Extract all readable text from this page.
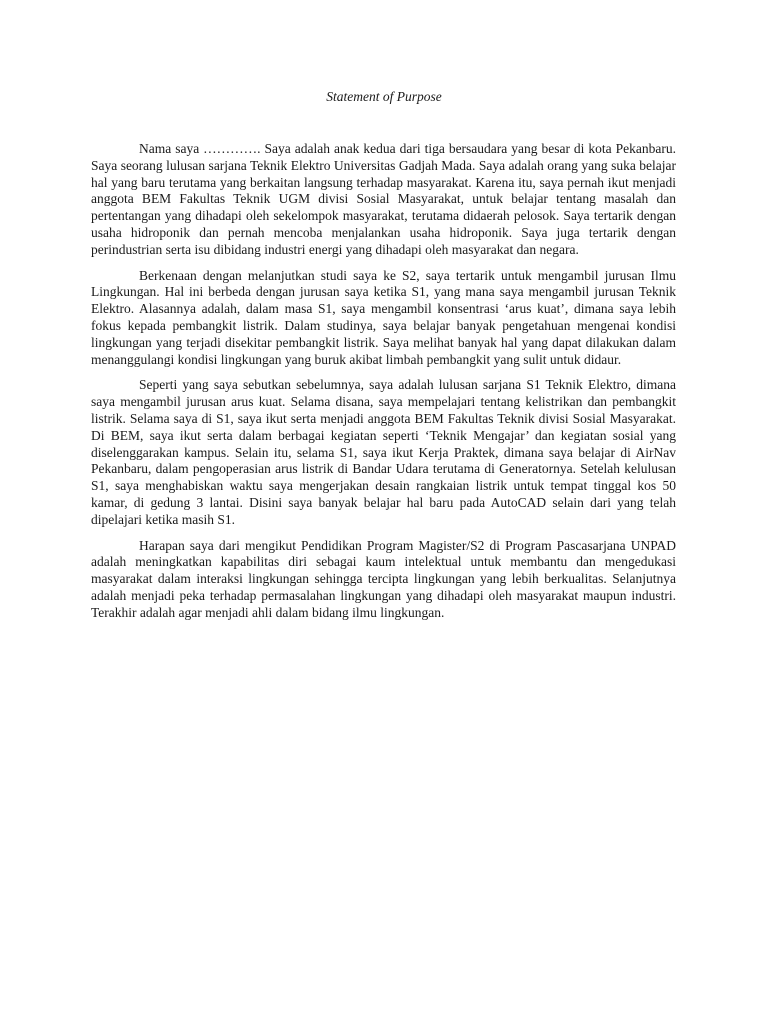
Statement of Purpose

Nama saya …………. Saya adalah anak kedua dari tiga bersaudara yang besar di kota Pekanbaru. Saya seorang lulusan sarjana Teknik Elektro Universitas Gadjah Mada. Saya adalah orang yang suka belajar hal yang baru terutama yang berkaitan langsung terhadap masyarakat. Karena itu, saya pernah ikut menjadi anggota BEM Fakultas Teknik UGM divisi Sosial Masyarakat, untuk belajar tentang masalah dan pertentangan yang dihadapi oleh sekelompok masyarakat, terutama didaerah pelosok. Saya tertarik dengan usaha hidroponik dan pernah mencoba menjalankan usaha hidroponik. Saya juga tertarik dengan perindustrian serta isu dibidang industri energi yang dihadapi oleh masyarakat dan negara.

Berkenaan dengan melanjutkan studi saya ke S2, saya tertarik untuk mengambil jurusan Ilmu Lingkungan. Hal ini berbeda dengan jurusan saya ketika S1, yang mana saya mengambil jurusan Teknik Elektro. Alasannya adalah, dalam masa S1, saya mengambil konsentrasi ‘arus kuat’, dimana saya lebih fokus kepada pembangkit listrik. Dalam studinya, saya belajar banyak pengetahuan mengenai kondisi lingkungan yang terjadi disekitar pembangkit listrik. Saya melihat banyak hal yang dapat dilakukan dalam menanggulangi kondisi lingkungan yang buruk akibat limbah pembangkit yang sulit untuk didaur.

Seperti yang saya sebutkan sebelumnya, saya adalah lulusan sarjana S1 Teknik Elektro, dimana saya mengambil jurusan arus kuat. Selama disana, saya mempelajari tentang kelistrikan dan pembangkit listrik. Selama saya di S1, saya ikut serta menjadi anggota BEM Fakultas Teknik divisi Sosial Masyarakat. Di BEM, saya ikut serta dalam berbagai kegiatan seperti ‘Teknik Mengajar’ dan kegiatan sosial yang diselenggarakan kampus. Selain itu, selama S1, saya ikut Kerja Praktek, dimana saya belajar di AirNav Pekanbaru, dalam pengoperasian arus listrik di Bandar Udara terutama di Generatornya. Setelah kelulusan S1, saya menghabiskan waktu saya mengerjakan desain rangkaian listrik untuk tempat tinggal kos 50 kamar, di gedung 3 lantai. Disini saya banyak belajar hal baru pada AutoCAD selain dari yang telah dipelajari ketika masih S1.

Harapan saya dari mengikut Pendidikan Program Magister/S2 di Program Pascasarjana UNPAD adalah meningkatkan kapabilitas diri sebagai kaum intelektual untuk membantu dan mengedukasi masyarakat dalam interaksi lingkungan sehingga tercipta lingkungan yang lebih berkualitas. Selanjutnya adalah menjadi peka terhadap permasalahan lingkungan yang dihadapi oleh masyarakat maupun industri. Terakhir adalah agar menjadi ahli dalam bidang ilmu lingkungan.
